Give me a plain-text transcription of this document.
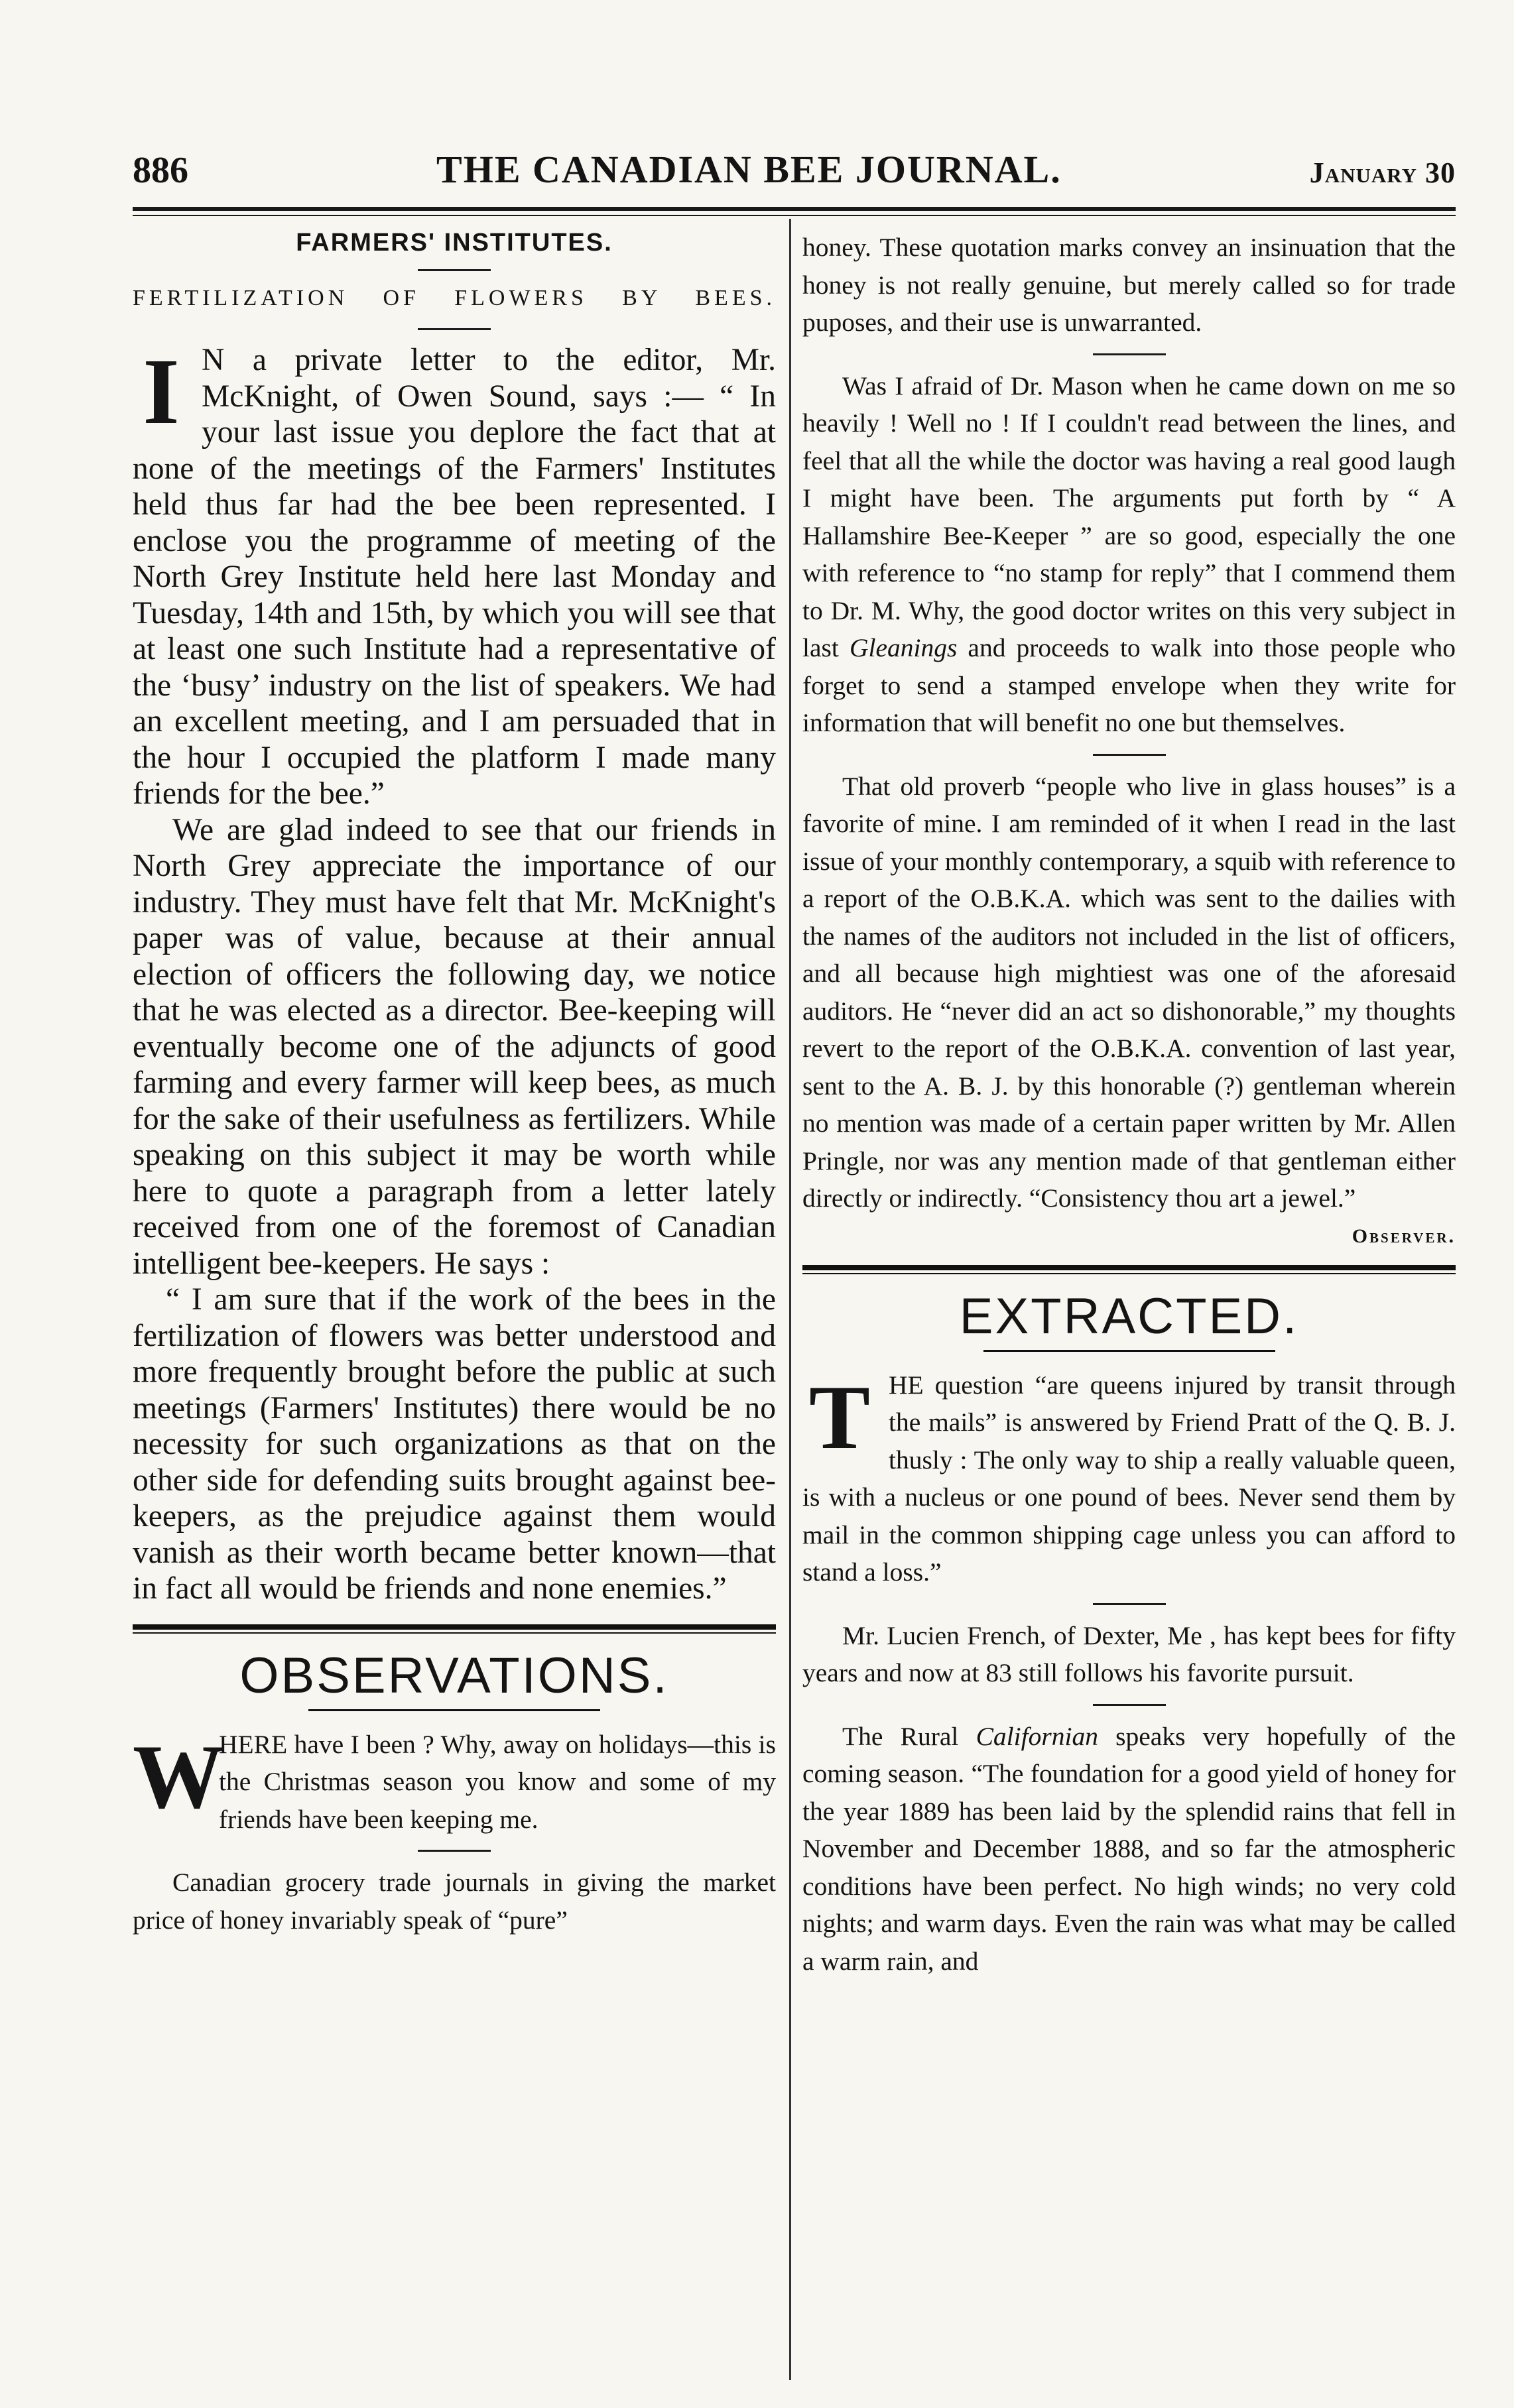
886	THE CANADIAN BEE JOURNAL.	January 30
FARMERS' INSTITUTES.
FERTILIZATION OF FLOWERS BY BEES.

I N a private letter to the editor, Mr. McKnight, of Owen Sound, says :— “ In your last issue you deplore the fact that at none of the meetings of the Farmers' Institutes held thus far had the bee been represented. I enclose you the programme of meeting of the North Grey Institute held here last Monday and Tuesday, 14th and 15th, by which you will see that at least one such Institute had a representative of the ‘busy’ industry on the list of speakers. We had an excellent meeting, and I am persuaded that in the hour I occupied the platform I made many friends for the bee.”

We are glad indeed to see that our friends in North Grey appreciate the importance of our industry. They must have felt that Mr. McKnight's paper was of value, because at their annual election of officers the following day, we notice that he was elected as a director. Bee-keeping will eventually become one of the adjuncts of good farming and every farmer will keep bees, as much for the sake of their usefulness as fertilizers. While speaking on this subject it may be worth while here to quote a paragraph from a letter lately received from one of the foremost of Canadian intelligent bee-keepers. He says :

“ I am sure that if the work of the bees in the fertilization of flowers was better understood and more frequently brought before the public at such meetings (Farmers' Institutes) there would be no necessity for such organizations as that on the other side for defending suits brought against bee-keepers, as the prejudice against them would vanish as their worth became better known—that in fact all would be friends and none enemies.”

OBSERVATIONS.

W
HERE have I been ? Why, away on holidays—this is the Christmas season you know and some of my friends have been keeping me.

Canadian grocery trade journals in giving the market price of honey invariably speak of “pure”

honey. These quotation marks convey an insinuation that the honey is not really genuine, but merely called so for trade puposes, and their use is unwarranted.

Was I afraid of Dr. Mason when he came down on me so heavily ! Well no ! If I couldn't read between the lines, and feel that all the while the doctor was having a real good laugh I might have been. The arguments put forth by “ A Hallamshire Bee-Keeper ” are so good, especially the one with reference to “no stamp for reply” that I commend them to Dr. M. Why, the good doctor writes on this very subject in last Gleanings and proceeds to walk into those people who forget to send a stamped envelope when they write for information that will benefit no one but themselves.

That old proverb “people who live in glass houses” is a favorite of mine. I am reminded of it when I read in the last issue of your monthly contemporary, a squib with reference to a report of the O.B.K.A. which was sent to the dailies with the names of the auditors not included in the list of officers, and all because high mightiest was one of the aforesaid auditors. He “never did an act so dishonorable,” my thoughts revert to the report of the O.B.K.A. convention of last year, sent to the A. B. J. by this honorable (?) gentleman wherein no mention was made of a certain paper written by Mr. Allen Pringle, nor was any mention made of that gentleman either directly or indirectly. “Consistency thou art a jewel.”

Observer.
EXTRACTED.

THE question “are queens injured by transit through the mails” is answered by Friend Pratt of the Q. B. J. thusly : The only way to ship a really valuable queen, is with a nucleus or one pound of bees. Never send them by mail in the common shipping cage unless you can afford to stand a loss.”

Mr. Lucien French, of Dexter, Me , has kept bees for fifty years and now at 83 still follows his favorite pursuit.

The Rural Californian speaks very hopefully of the coming season. “The foundation for a good yield of honey for the year 1889 has been laid by the splendid rains that fell in November and December 1888, and so far the atmospheric conditions have been perfect. No high winds; no very cold nights; and warm days. Even the rain was what may be called a warm rain, and
